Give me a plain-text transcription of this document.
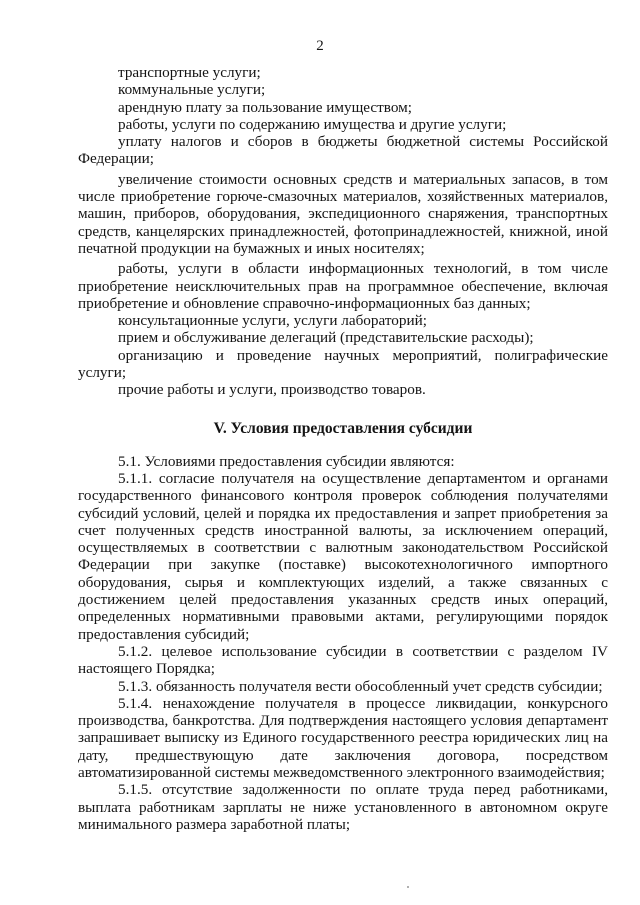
2

транспортные услуги;

коммунальные услуги;

арендную плату за пользование имуществом;

работы, услуги по содержанию имущества и другие услуги;

уплату налогов и сборов в бюджеты бюджетной системы Российской Федерации;

увеличение стоимости основных средств и материальных запасов, в том числе приобретение горюче-смазочных материалов, хозяйственных материалов, машин, приборов, оборудования, экспедиционного снаряжения, транспортных средств, канцелярских принадлежностей, фотопринадлежностей, книжной, иной печатной продукции на бумажных и иных носителях;

работы, услуги в области информационных технологий, в том числе приобретение неисключительных прав на программное обеспечение, включая приобретение и обновление справочно-информационных баз данных;

консультационные услуги, услуги лабораторий;

прием и обслуживание делегаций (представительские расходы);

организацию и проведение научных мероприятий, полиграфические услуги;

прочие работы и услуги, производство товаров.

V. Условия предоставления субсидии

5.1. Условиями предоставления субсидии являются:

5.1.1. согласие получателя на осуществление департаментом и органами государственного финансового контроля проверок соблюдения получателями субсидий условий, целей и порядка их предоставления и запрет приобретения за счет полученных средств иностранной валюты, за исключением операций, осуществляемых в соответствии с валютным законодательством Российской Федерации при закупке (поставке) высокотехнологичного импортного оборудования, сырья и комплектующих изделий, а также связанных с достижением целей предоставления указанных средств иных операций, определенных нормативными правовыми актами, регулирующими порядок предоставления субсидий;

5.1.2. целевое использование субсидии в соответствии с разделом IV настоящего Порядка;

5.1.3. обязанность получателя вести обособленный учет средств субсидии;

5.1.4. ненахождение получателя в процессе ликвидации, конкурсного производства, банкротства. Для подтверждения настоящего условия департамент запрашивает выписку из Единого государственного реестра юридических лиц на дату, предшествующую дате заключения договора, посредством автоматизированной системы межведомственного электронного взаимодействия;

5.1.5. отсутствие задолженности по оплате труда перед работниками, выплата работникам зарплаты не ниже установленного в автономном округе минимального размера заработной платы;
